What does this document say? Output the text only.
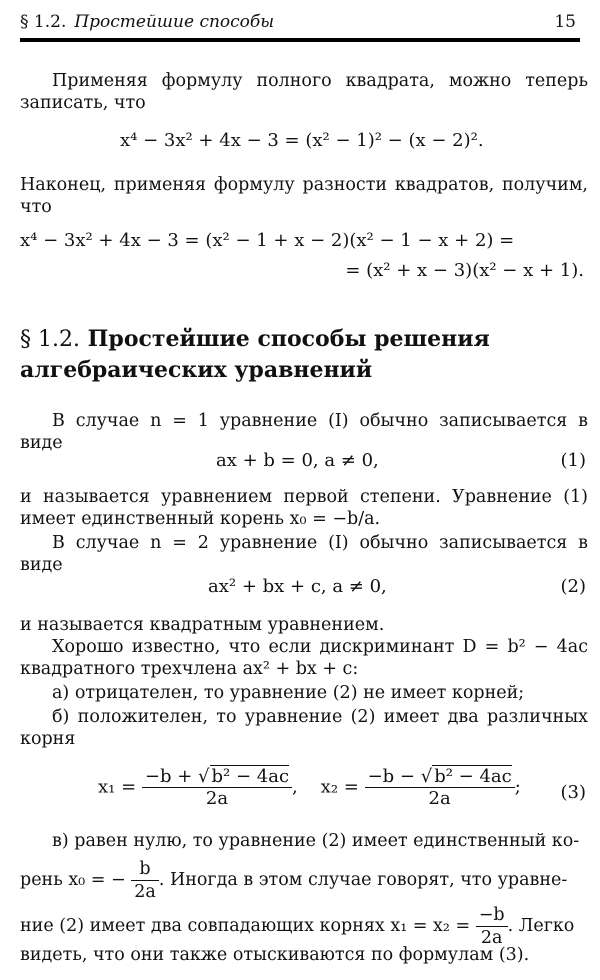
§ 1.2. Простейшие способы	15
Применяя формулу полного квадрата, можно теперь записать, что
x⁴ − 3x² + 4x − 3 = (x² − 1)² − (x − 2)².
Наконец, применяя формулу разности квадратов, получим, что
x⁴ − 3x² + 4x − 3 = (x² − 1 + x − 2)(x² − 1 − x + 2) =
= (x² + x − 3)(x² − x + 1).
§ 1.2. Простейшие способы решения алгебраических уравнений
В случае n = 1 уравнение (I) обычно записывается в виде
ax + b = 0, a ≠ 0,	(1)
и называется уравнением первой степени. Уравнение (1) имеет единственный корень x₀ = −b/a.
В случае n = 2 уравнение (I) обычно записывается в виде
ax² + bx + c, a ≠ 0,	(2)
и называется квадратным уравнением.
Хорошо известно, что если дискриминант D = b² − 4ac квадратного трехчлена ax² + bx + c:
а) отрицателен, то уравнение (2) не имеет корней;
б) положителен, то уравнение (2) имеет два различных корня
$x_1 = \frac{\text{−b + √ b² − 4ac}}{2a}$ , $x_2 = \frac{\text{−b − √ b² − 4ac}}{2a}$ ; (3)
в) равен нулю, то уравнение (2) имеет единственный ко-
рень x₀ = − $\frac{b}{2a}$ . Иногда в этом случае говорят, что уравне-
ние (2) имеет два совпадающих корнях $x_1 = x_2 = \frac{-b}{2a}$ . Легко
видеть, что они также отыскиваются по формулам (3).
